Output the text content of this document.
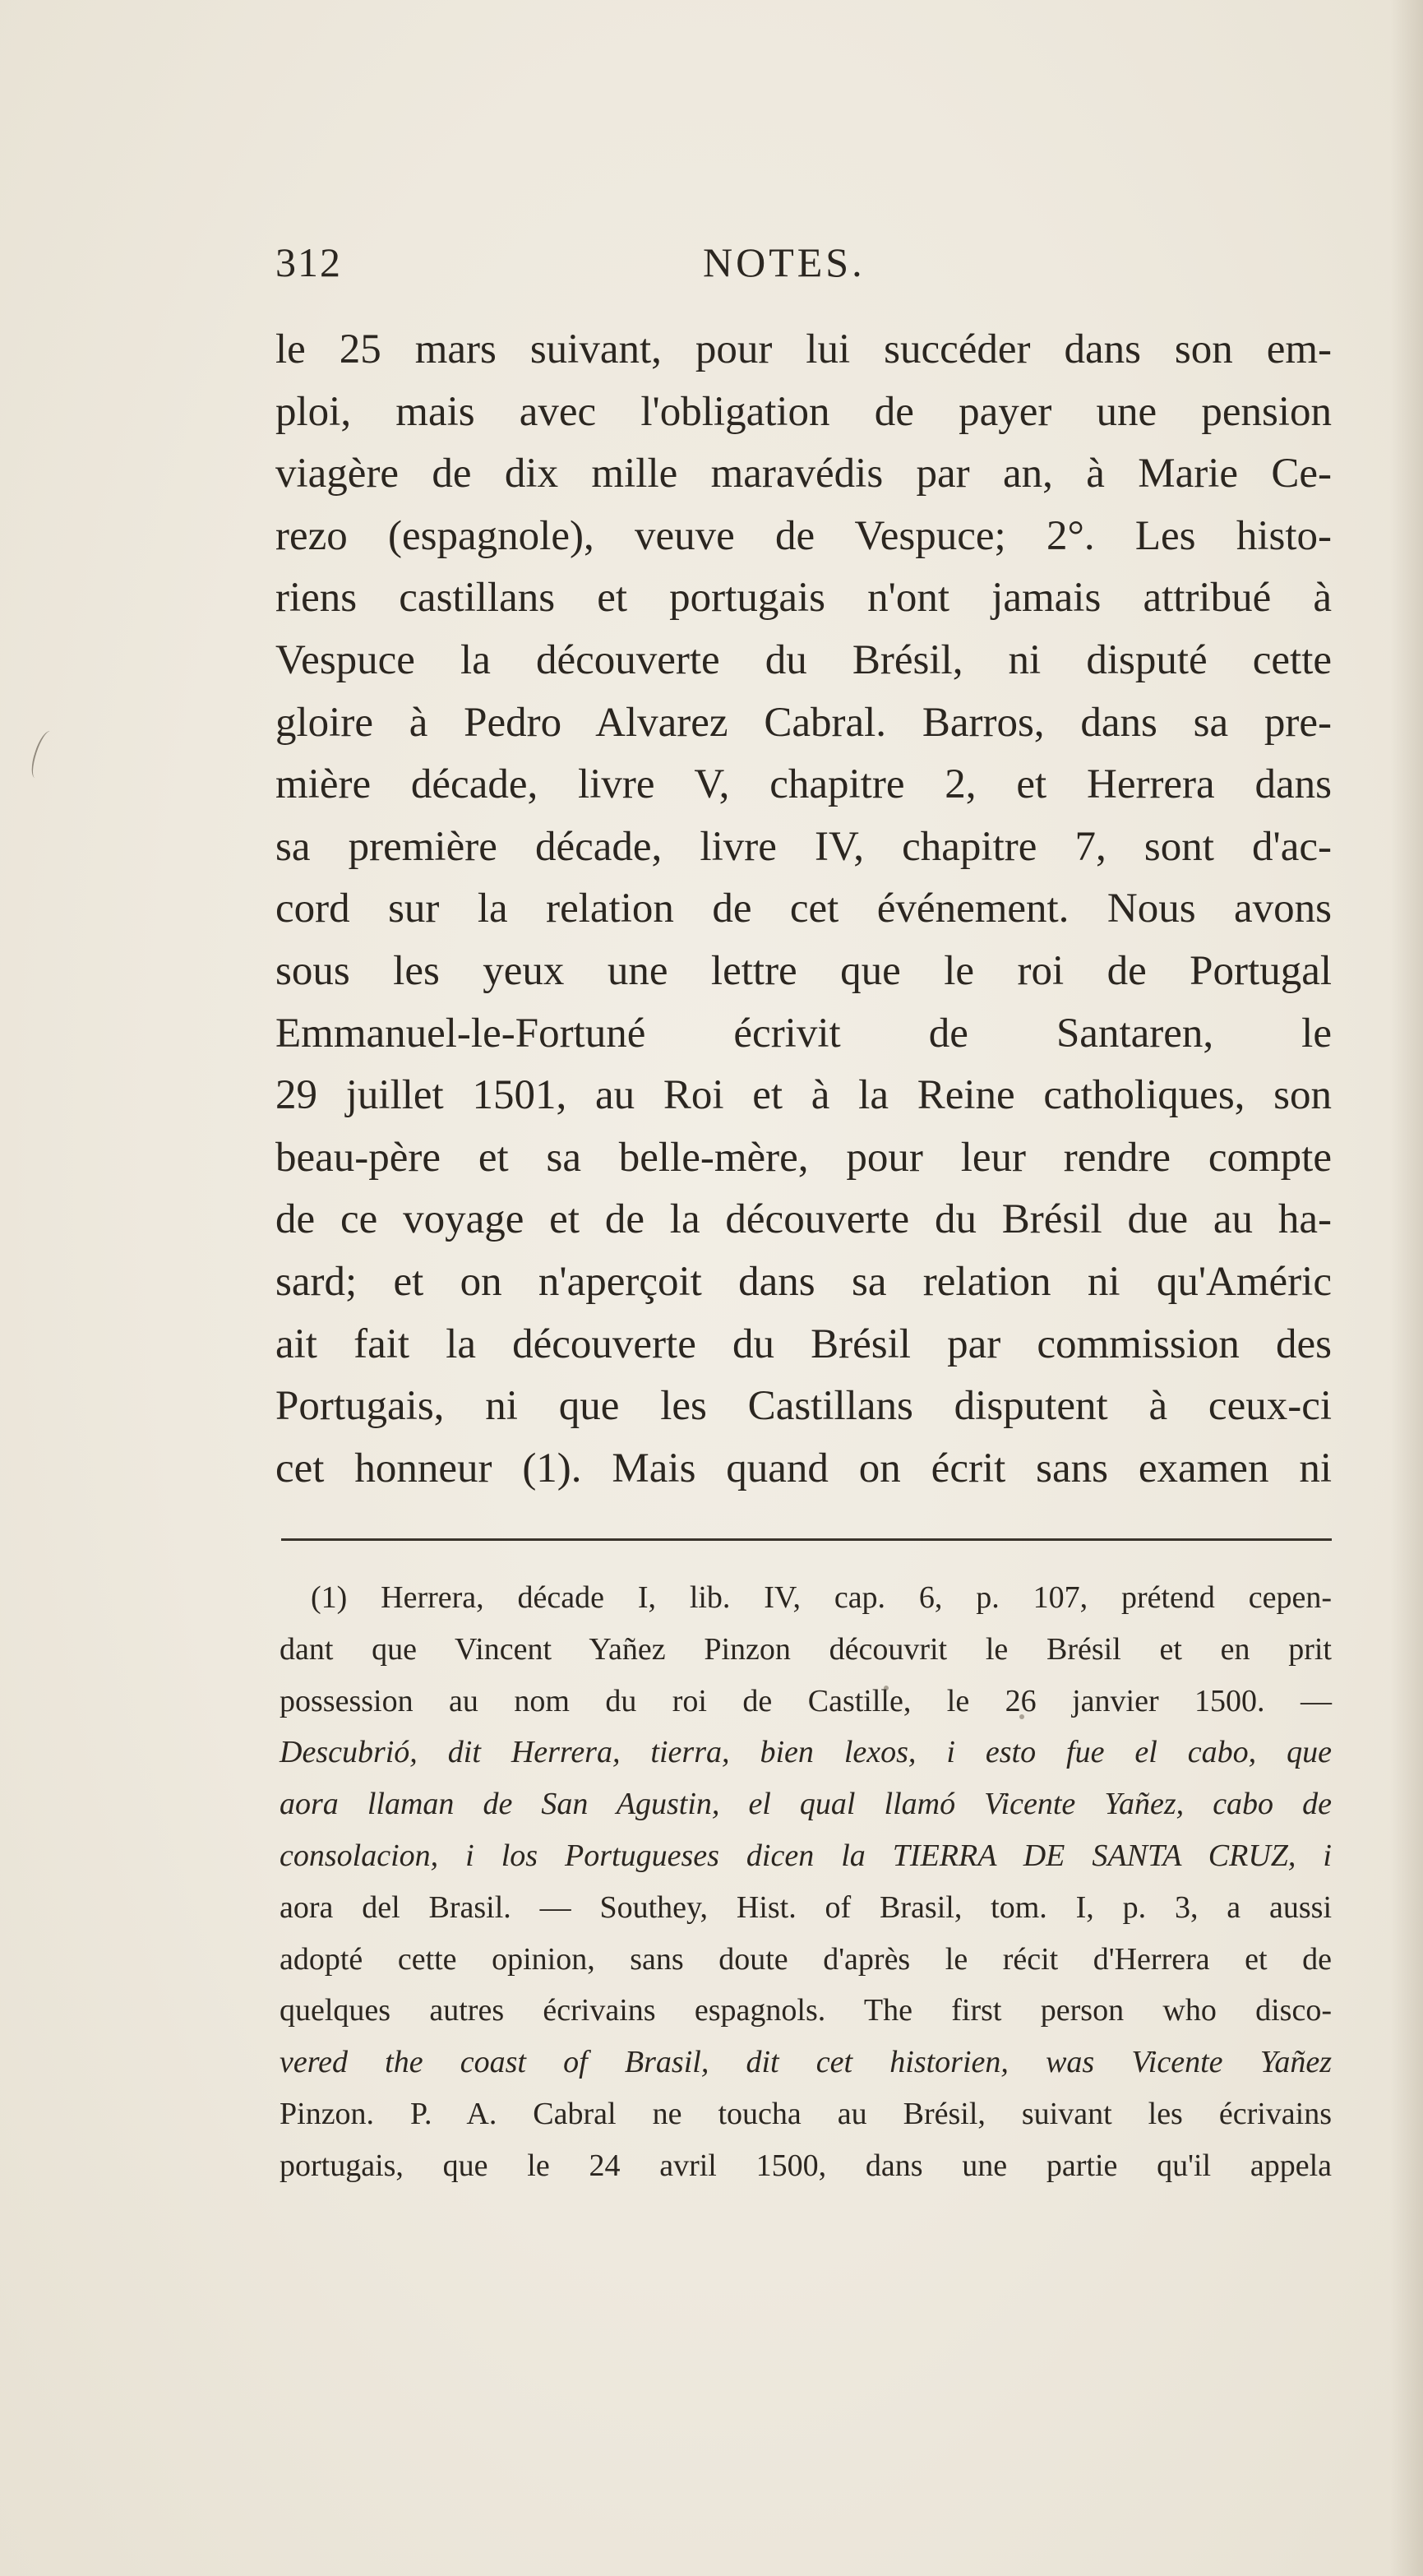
312	NOTES.
le 25 mars suivant, pour lui succéder dans son em-
ploi, mais avec l'obligation de payer une pension
viagère de dix mille maravédis par an, à Marie Ce-
rezo (espagnole), veuve de Vespuce; 2°. Les histo-
riens castillans et portugais n'ont jamais attribué à
Vespuce la découverte du Brésil, ni disputé cette
gloire à Pedro Alvarez Cabral. Barros, dans sa pre-
mière décade, livre V, chapitre 2, et Herrera dans
sa première décade, livre IV, chapitre 7, sont d'ac-
cord sur la relation de cet événement. Nous avons
sous les yeux une lettre que le roi de Portugal
Emmanuel-le-Fortuné écrivit de Santaren, le
29 juillet 1501, au Roi et à la Reine catholiques, son
beau-père et sa belle-mère, pour leur rendre compte
de ce voyage et de la découverte du Brésil due au ha-
sard; et on n'aperçoit dans sa relation ni qu'Améric
ait fait la découverte du Brésil par commission des
Portugais, ni que les Castillans disputent à ceux-ci
cet honneur (1). Mais quand on écrit sans examen ni
(1) Herrera, décade I, lib. IV, cap. 6, p. 107, prétend cepen-
dant que Vincent Yañez Pinzon découvrit le Brésil et en prit
possession au nom du roi de Castille, le 26 janvier 1500. —
Descubrió, dit Herrera, tierra, bien lexos, i esto fue el cabo, que
aora llaman de San Agustin, el qual llamó Vicente Yañez, cabo de
consolacion, i los Portugueses dicen la TIERRA DE SANTA CRUZ, i
aora del Brasil. — Southey, Hist. of Brasil, tom. I, p. 3, a aussi
adopté cette opinion, sans doute d'après le récit d'Herrera et de
quelques autres écrivains espagnols. The first person who disco-
vered the coast of Brasil, dit cet historien, was Vicente Yañez
Pinzon. P. A. Cabral ne toucha au Brésil, suivant les écrivains
portugais, que le 24 avril 1500, dans une partie qu'il appela
